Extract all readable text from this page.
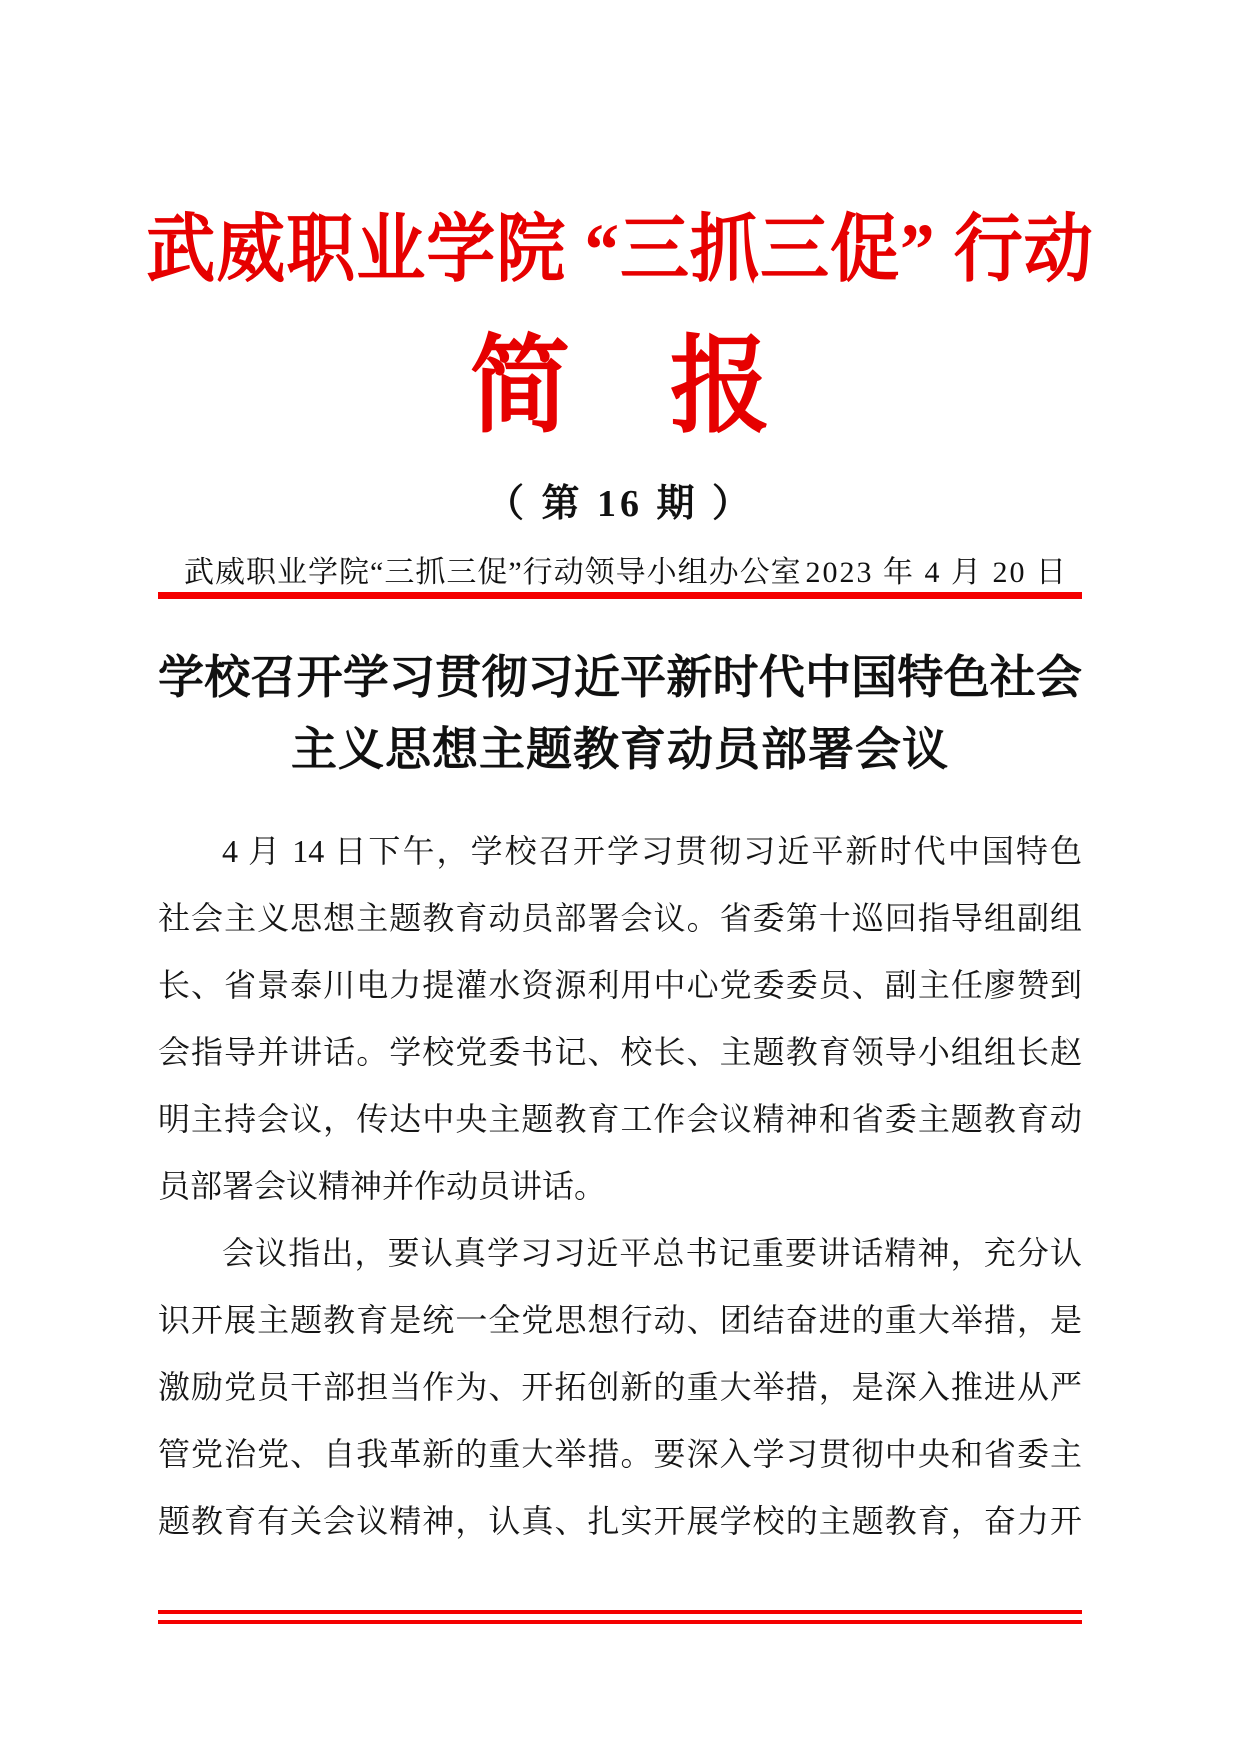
武威职业学院 “三抓三促” 行动
简　报
（ 第 16 期 ）
武威职业学院“三抓三促”行动领导小组办公室 2023 年 4 月 20 日
学校召开学习贯彻习近平新时代中国特色社会
主义思想主题教育动员部署会议
4 月 14 日下午，学校召开学习贯彻习近平新时代中国特色
社会主义思想主题教育动员部署会议。省委第十巡回指导组副组
长、省景泰川电力提灌水资源利用中心党委委员、副主任廖赞到
会指导并讲话。学校党委书记、校长、主题教育领导小组组长赵
明主持会议，传达中央主题教育工作会议精神和省委主题教育动
员部署会议精神并作动员讲话。
会议指出，要认真学习习近平总书记重要讲话精神，充分认
识开展主题教育是统一全党思想行动、团结奋进的重大举措，是
激励党员干部担当作为、开拓创新的重大举措，是深入推进从严
管党治党、自我革新的重大举措。要深入学习贯彻中央和省委主
题教育有关会议精神，认真、扎实开展学校的主题教育，奋力开
